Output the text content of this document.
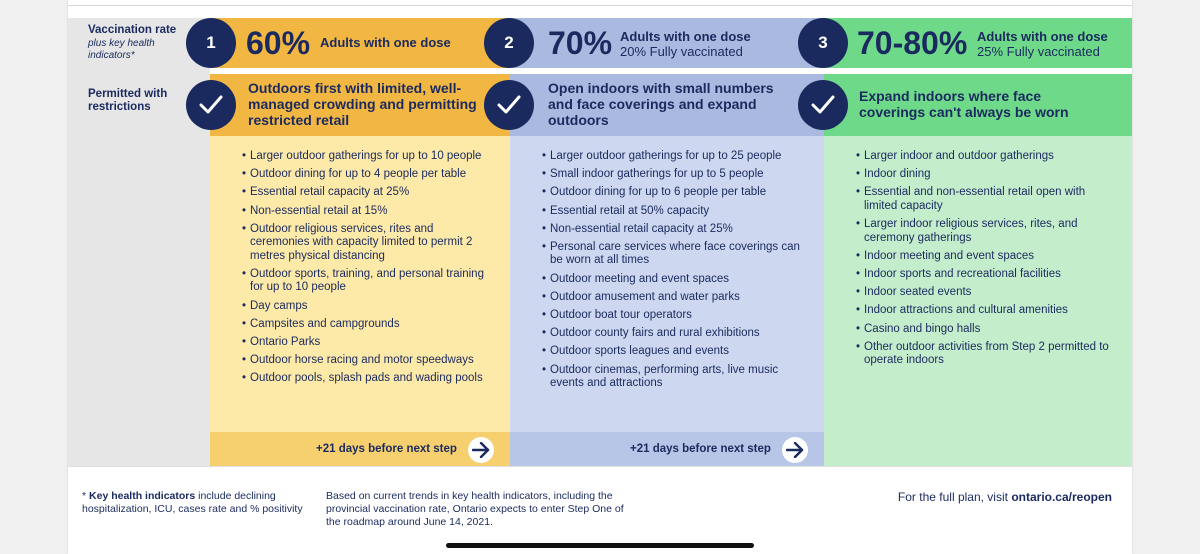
Vaccination rate
plus key health indicators*
Permitted with restrictions
1 60% Adults with one dose
Outdoors first with limited, well-managed crowding and permitting restricted retail
• Larger outdoor gatherings for up to 10 people
• Outdoor dining for up to 4 people per table
• Essential retail capacity at 25%
• Non-essential retail at 15%
• Outdoor religious services, rites and ceremonies with capacity limited to permit 2 metres physical distancing
• Outdoor sports, training, and personal training for up to 10 people
• Day camps
• Campsites and campgrounds
• Ontario Parks
• Outdoor horse racing and motor speedways
• Outdoor pools, splash pads and wading pools
+21 days before next step
2	70% Adults with one dose
20% Fully vaccinated
Open indoors with small numbers and face coverings and expand outdoors
• Larger outdoor gatherings for up to 25 people
• Small indoor gatherings for up to 5 people
• Outdoor dining for up to 6 people per table
• Essential retail at 50% capacity
• Non-essential retail capacity at 25%
• Personal care services where face coverings can be worn at all times
• Outdoor meeting and event spaces
• Outdoor amusement and water parks
• Outdoor boat tour operators
• Outdoor county fairs and rural exhibitions
• Outdoor sports leagues and events
• Outdoor cinemas, performing arts, live music events and attractions
+21 days before next step
3 70-80% Adults with one dose
25% Fully vaccinated
Expand indoors where face coverings can't always be worn
• Larger indoor and outdoor gatherings
• Indoor dining
• Essential and non-essential retail open with limited capacity
• Larger indoor religious services, rites, and ceremony gatherings
• Indoor meeting and event spaces
• Indoor sports and recreational facilities
• Indoor seated events
• Indoor attractions and cultural amenities
• Casino and bingo halls
• Other outdoor activities from Step 2 permitted to operate indoors
* Key health indicators include declining hospitalization, ICU, cases rate and % positivity
Based on current trends in key health indicators, including the provincial vaccination rate, Ontario expects to enter Step One of the roadmap around June 14, 2021.
For the full plan, visit ontario.ca/reopen
